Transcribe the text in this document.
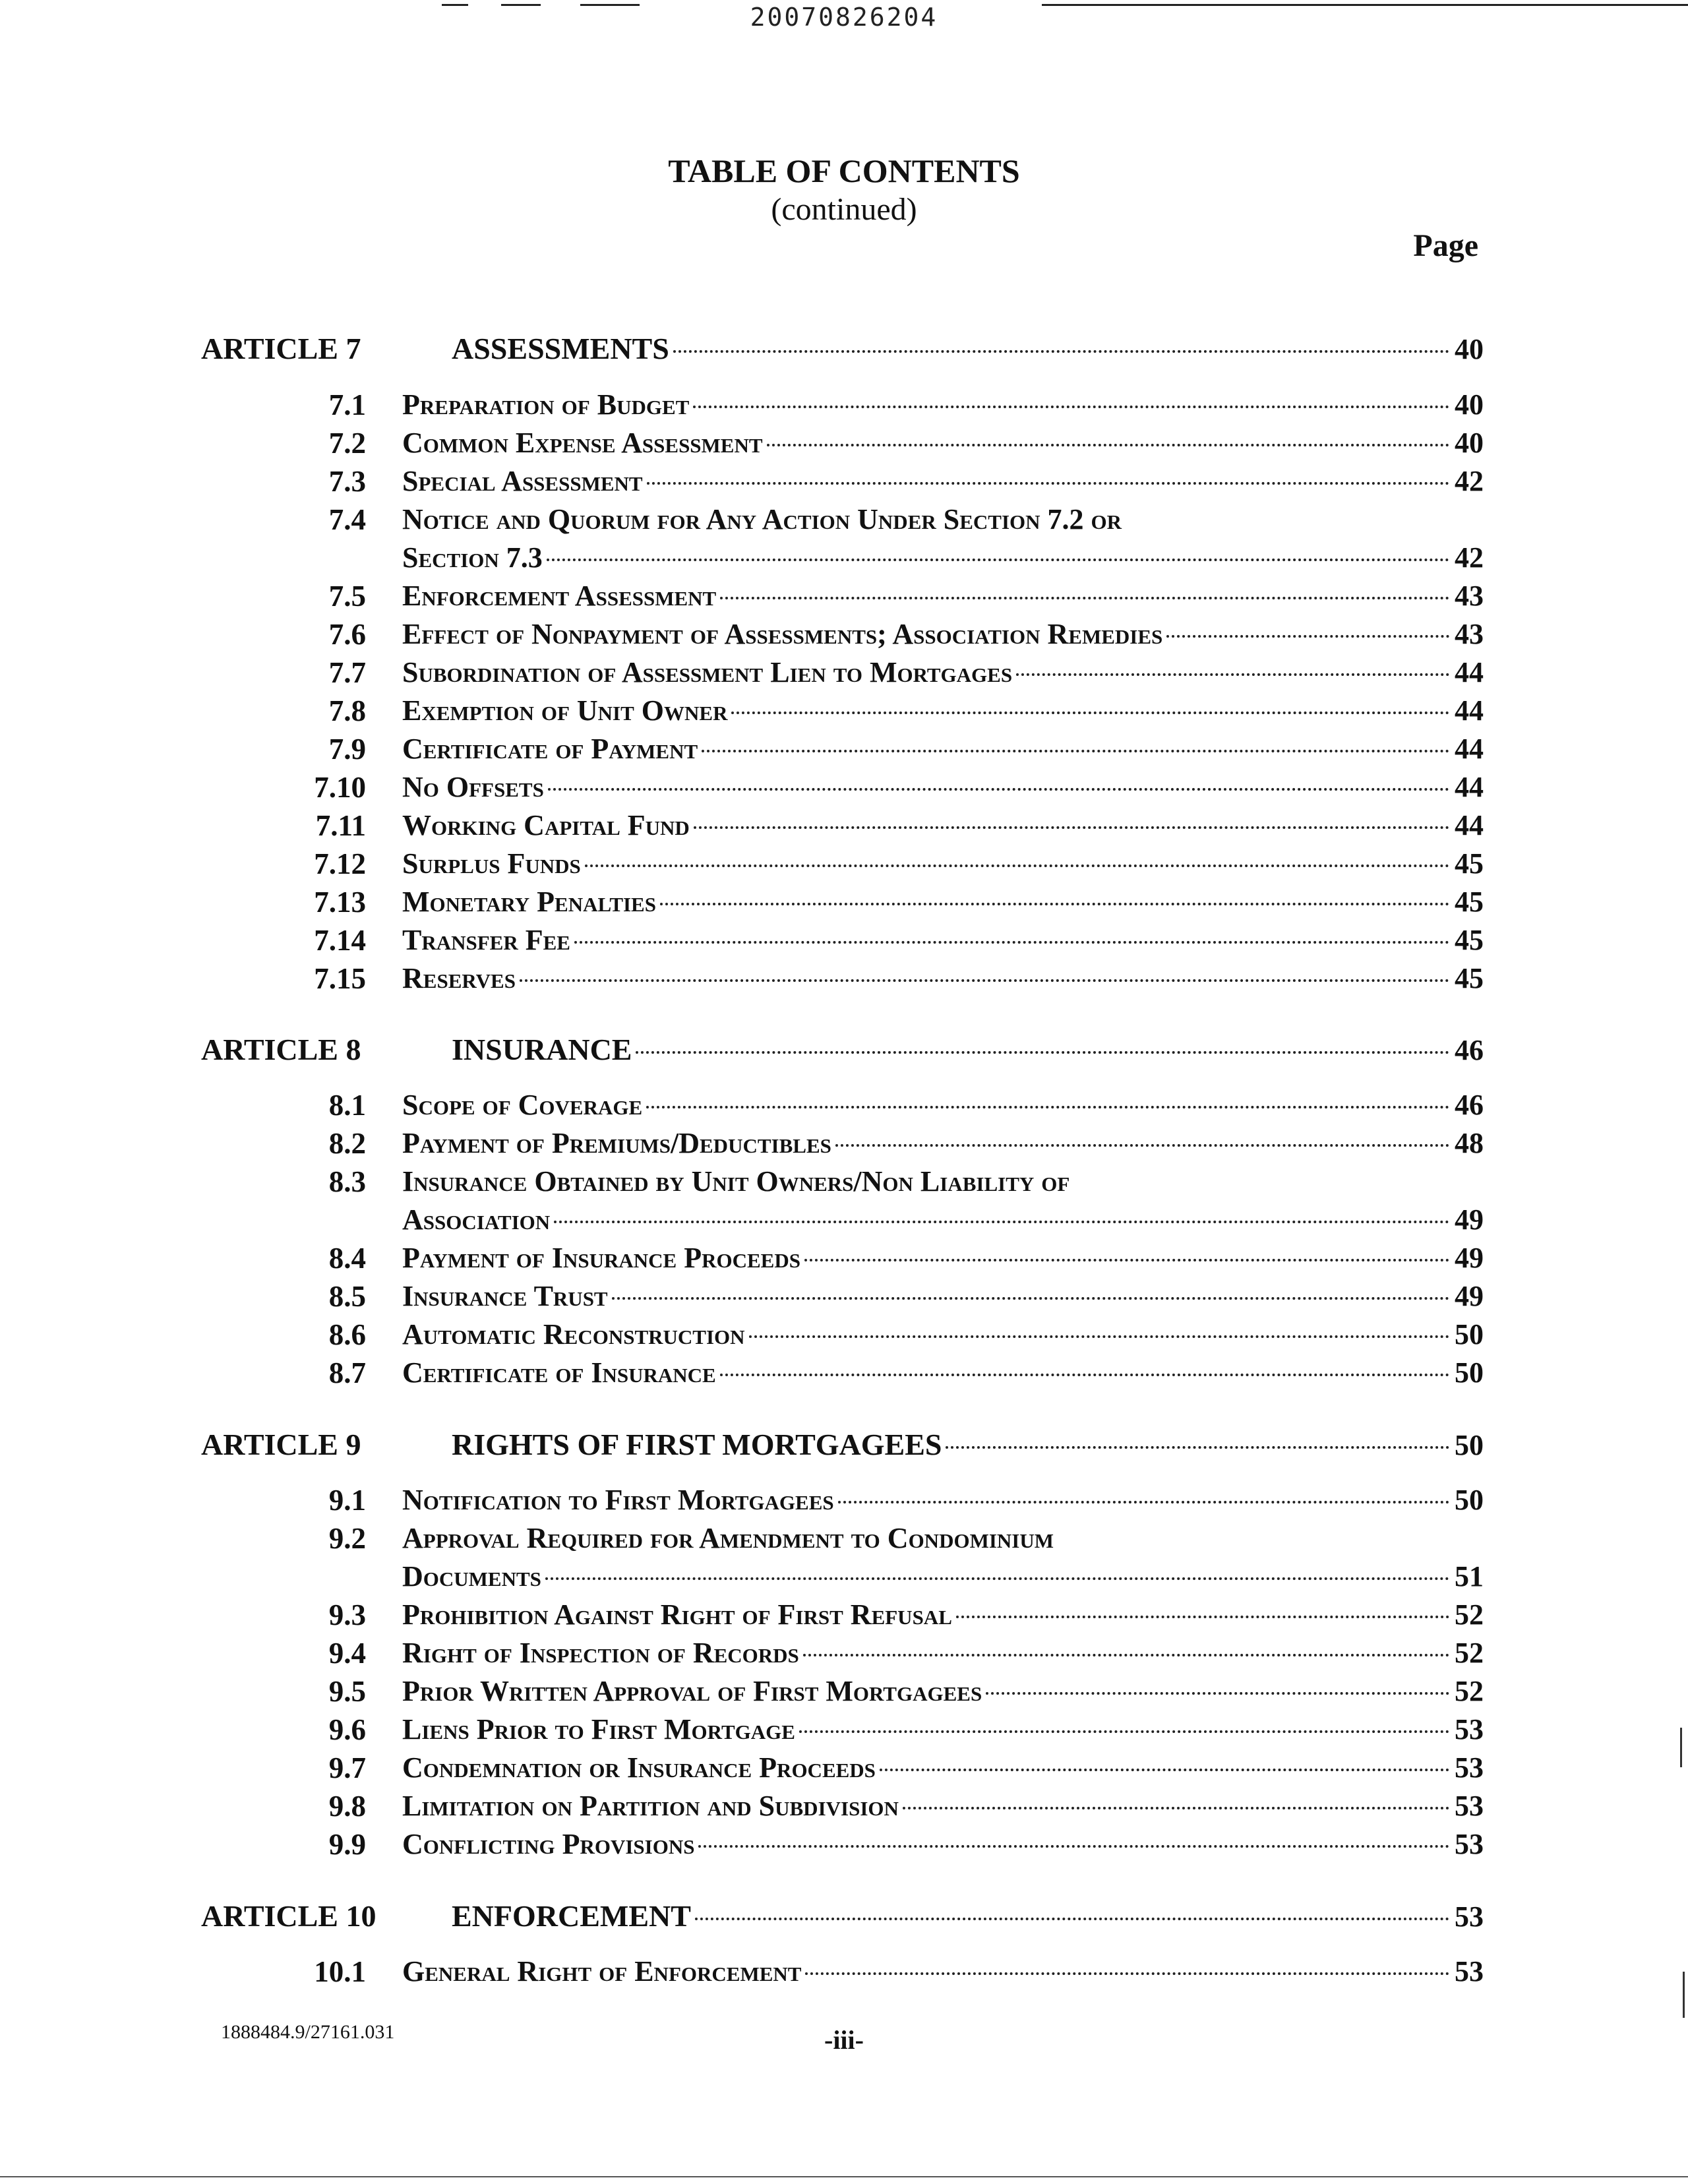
20070826204
TABLE OF CONTENTS
(continued)
Page
ARTICLE 7	ASSESSMENTS	40
7.1 Preparation of Budget	40
7.2 Common Expense Assessment	40
7.3 Special Assessment	42
7.4 Notice and Quorum for Any Action Under Section 7.2 or
Section 7.3	42
7.5 Enforcement Assessment	43
7.6 Effect of Nonpayment of Assessments; Association Remedies	43
7.7 Subordination of Assessment Lien to Mortgages	44
7.8 Exemption of Unit Owner	44
7.9 Certificate of Payment	44
7.10 No Offsets	44
7.11 Working Capital Fund	44
7.12 Surplus Funds	45
7.13 Monetary Penalties	45
7.14 Transfer Fee	45
7.15 Reserves	45
ARTICLE 8	INSURANCE	46
8.1 Scope of Coverage	46
8.2 Payment of Premiums/Deductibles	48
8.3 Insurance Obtained by Unit Owners/Non Liability of
Association	49
8.4 Payment of Insurance Proceeds	49
8.5 Insurance Trust	49
8.6 Automatic Reconstruction	50
8.7 Certificate of Insurance	50
ARTICLE 9	RIGHTS OF FIRST MORTGAGEES	50
9.1 Notification to First Mortgagees	50
9.2 Approval Required for Amendment to Condominium
Documents	51
9.3 Prohibition Against Right of First Refusal	52
9.4 Right of Inspection of Records	52
9.5 Prior Written Approval of First Mortgagees	52
9.6 Liens Prior to First Mortgage	53
9.7 Condemnation or Insurance Proceeds	53
9.8 Limitation on Partition and Subdivision	53
9.9 Conflicting Provisions	53
ARTICLE 10 ENFORCEMENT	53
10.1 General Right of Enforcement	53
1888484.9/27161.031	-iii-
